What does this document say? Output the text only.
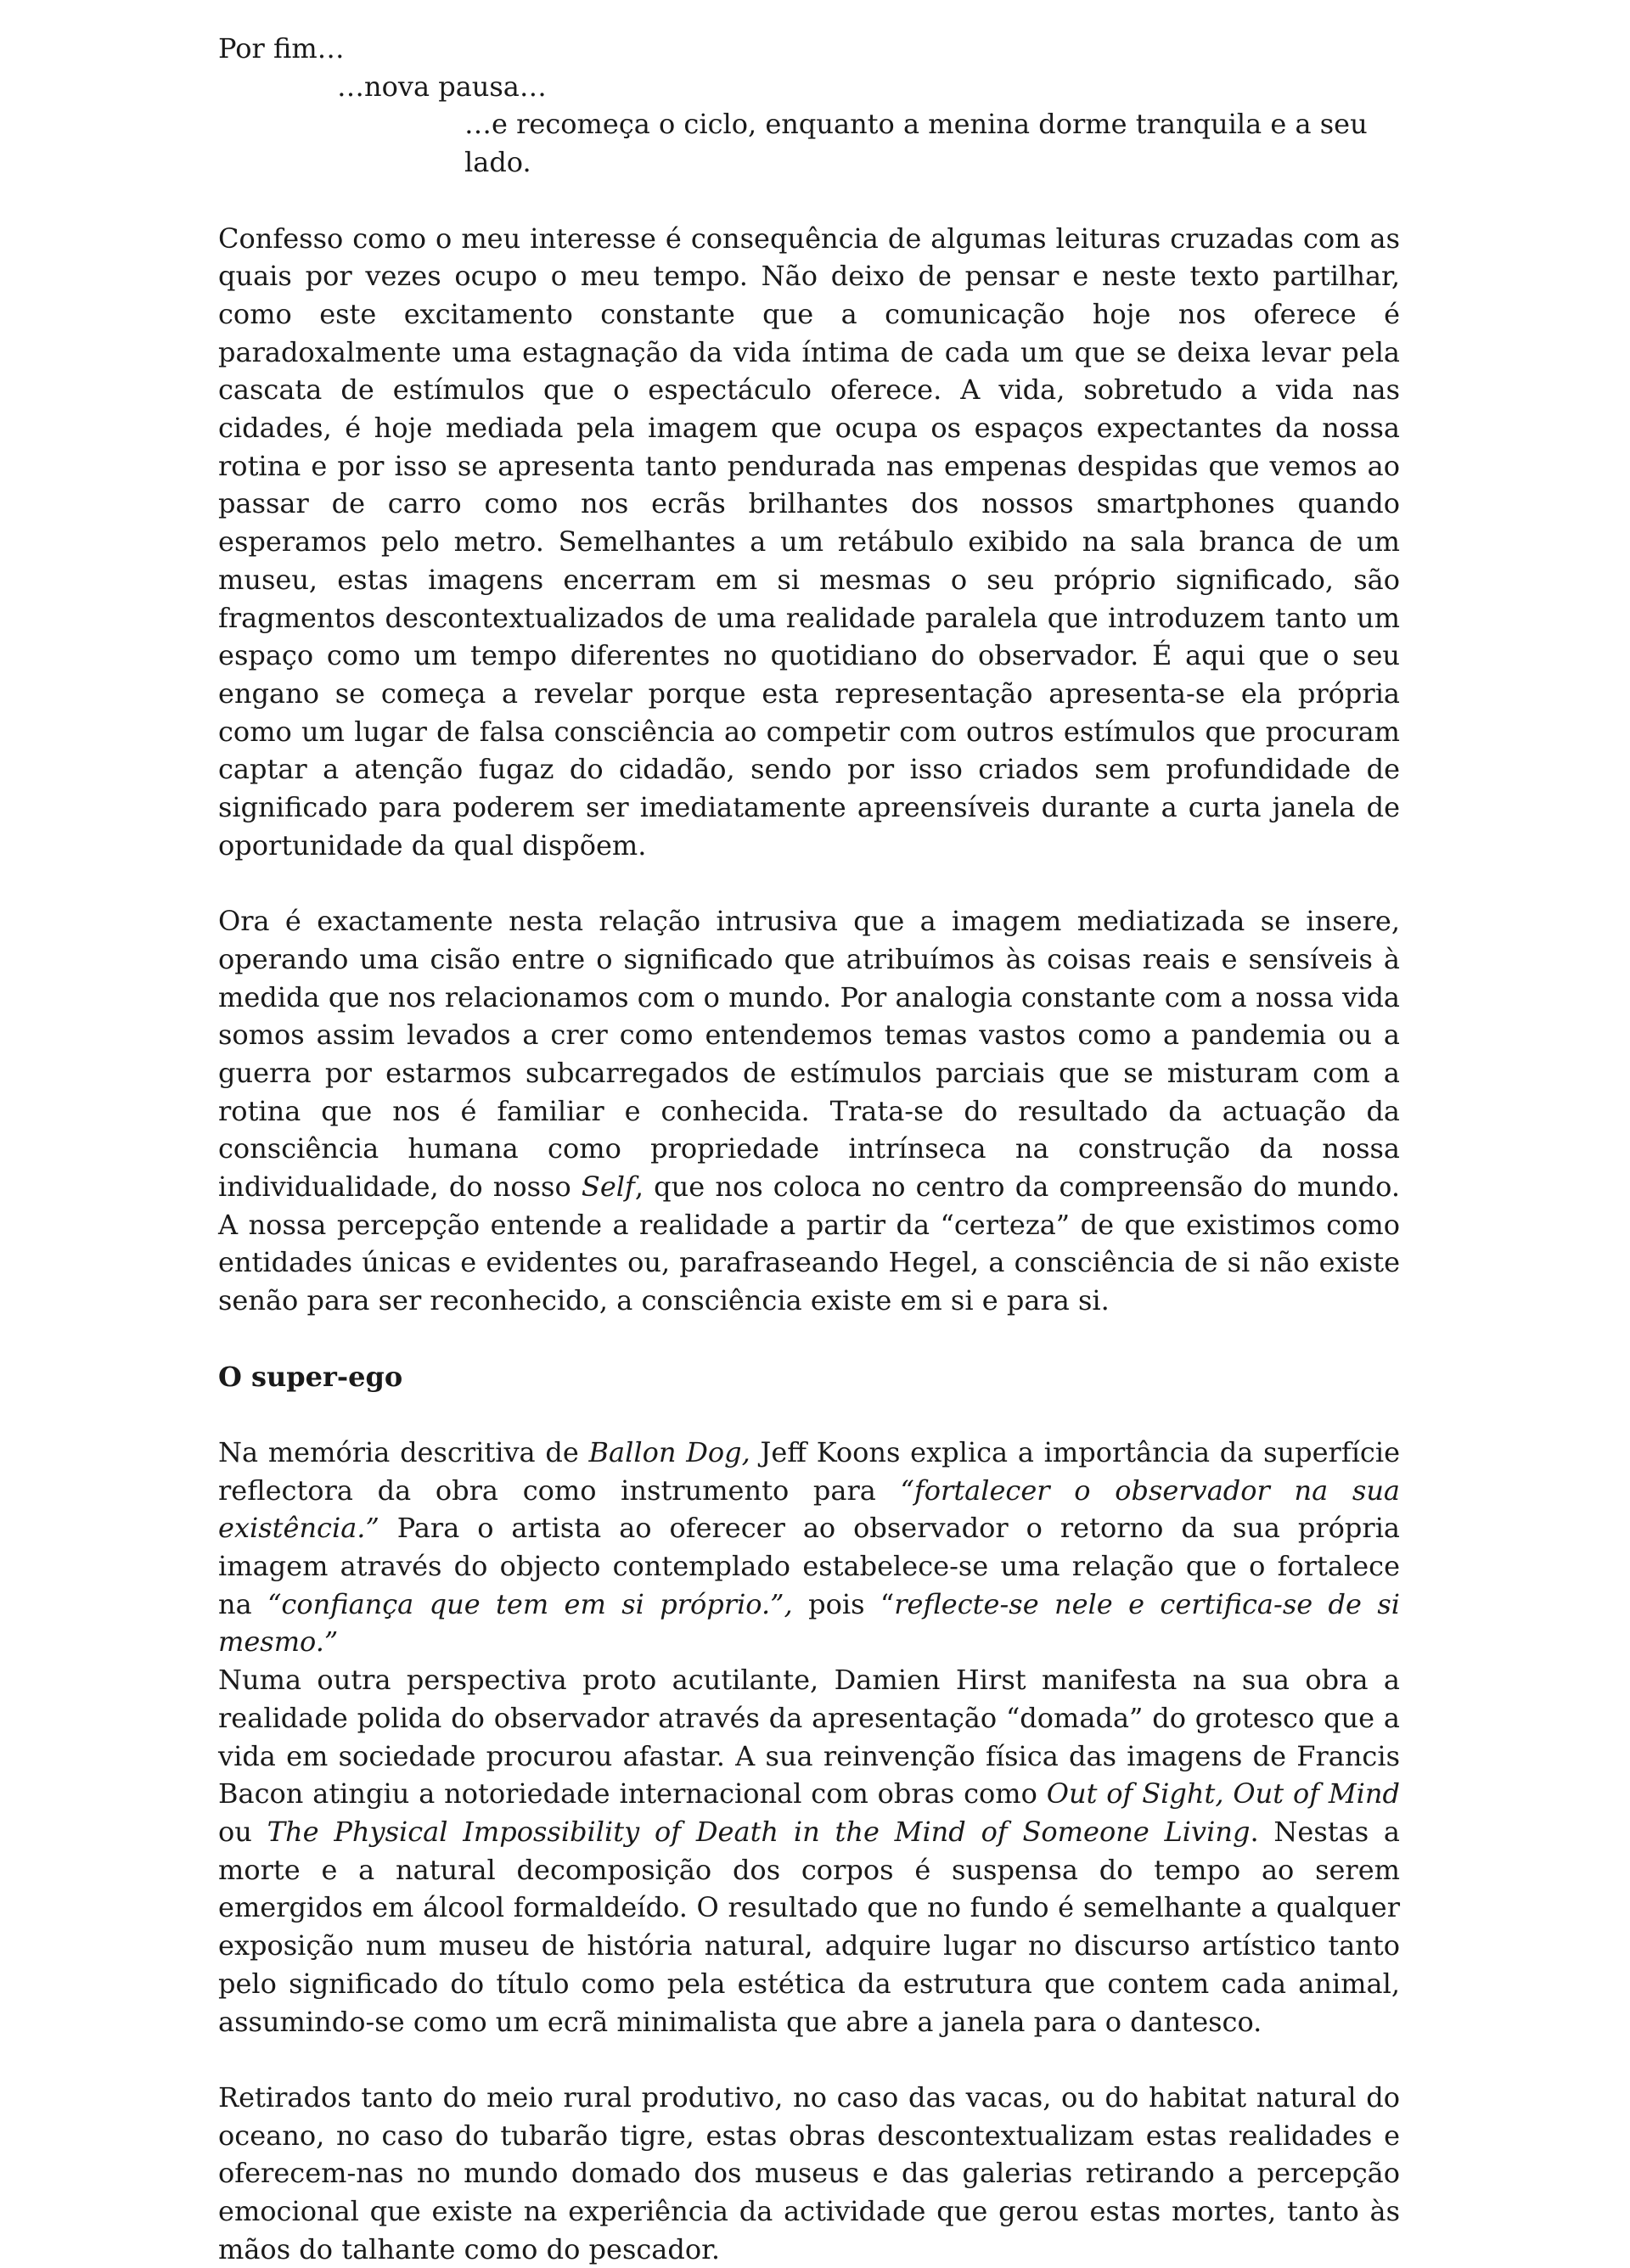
Por fim…
…nova pausa…
…e recomeça o ciclo, enquanto a menina dorme tranquila e a seu lado.

Confesso como o meu interesse é consequência de algumas leituras cruzadas com as quais por vezes ocupo o meu tempo. Não deixo de pensar e neste texto partilhar, como este excitamento constante que a comunicação hoje nos oferece é paradoxalmente uma estagnação da vida íntima de cada um que se deixa levar pela cascata de estímulos que o espectáculo oferece. A vida, sobretudo a vida nas cidades, é hoje mediada pela imagem que ocupa os espaços expectantes da nossa rotina e por isso se apresenta tanto pendurada nas empenas despidas que vemos ao passar de carro como nos ecrãs brilhantes dos nossos smartphones quando esperamos pelo metro. Semelhantes a um retábulo exibido na sala branca de um museu, estas imagens encerram em si mesmas o seu próprio significado, são fragmentos descontextualizados de uma realidade paralela que introduzem tanto um espaço como um tempo diferentes no quotidiano do observador. É aqui que o seu engano se começa a revelar porque esta representação apresenta-se ela própria como um lugar de falsa consciência ao competir com outros estímulos que procuram captar a atenção fugaz do cidadão, sendo por isso criados sem profundidade de significado para poderem ser imediatamente apreensíveis durante a curta janela de oportunidade da qual dispõem.

Ora é exactamente nesta relação intrusiva que a imagem mediatizada se insere, operando uma cisão entre o significado que atribuímos às coisas reais e sensíveis à medida que nos relacionamos com o mundo. Por analogia constante com a nossa vida somos assim levados a crer como entendemos temas vastos como a pandemia ou a guerra por estarmos subcarregados de estímulos parciais que se misturam com a rotina que nos é familiar e conhecida. Trata-se do resultado da actuação da consciência humana como propriedade intrínseca na construção da nossa individualidade, do nosso Self, que nos coloca no centro da compreensão do mundo. A nossa percepção entende a realidade a partir da “certeza” de que existimos como entidades únicas e evidentes ou, parafraseando Hegel, a consciência de si não existe senão para ser reconhecido, a consciência existe em si e para si.

O super-ego

Na memória descritiva de Ballon Dog, Jeff Koons explica a importância da superfície reflectora da obra como instrumento para “fortalecer o observador na sua existência.” Para o artista ao oferecer ao observador o retorno da sua própria imagem através do objecto contemplado estabelece-se uma relação que o fortalece na “confiança que tem em si próprio.”, pois “reflecte-se nele e certifica-se de si mesmo.”

Numa outra perspectiva proto acutilante, Damien Hirst manifesta na sua obra a realidade polida do observador através da apresentação “domada” do grotesco que a vida em sociedade procurou afastar. A sua reinvenção física das imagens de Francis Bacon atingiu a notoriedade internacional com obras como Out of Sight, Out of Mind ou The Physical Impossibility of Death in the Mind of Someone Living. Nestas a morte e a natural decomposição dos corpos é suspensa do tempo ao serem emergidos em álcool formaldeído. O resultado que no fundo é semelhante a qualquer exposição num museu de história natural, adquire lugar no discurso artístico tanto pelo significado do título como pela estética da estrutura que contem cada animal, assumindo-se como um ecrã minimalista que abre a janela para o dantesco.

Retirados tanto do meio rural produtivo, no caso das vacas, ou do habitat natural do oceano, no caso do tubarão tigre, estas obras descontextualizam estas realidades e oferecem-nas no mundo domado dos museus e das galerias retirando a percepção emocional que existe na experiência da actividade que gerou estas mortes, tanto às mãos do talhante como do pescador.
